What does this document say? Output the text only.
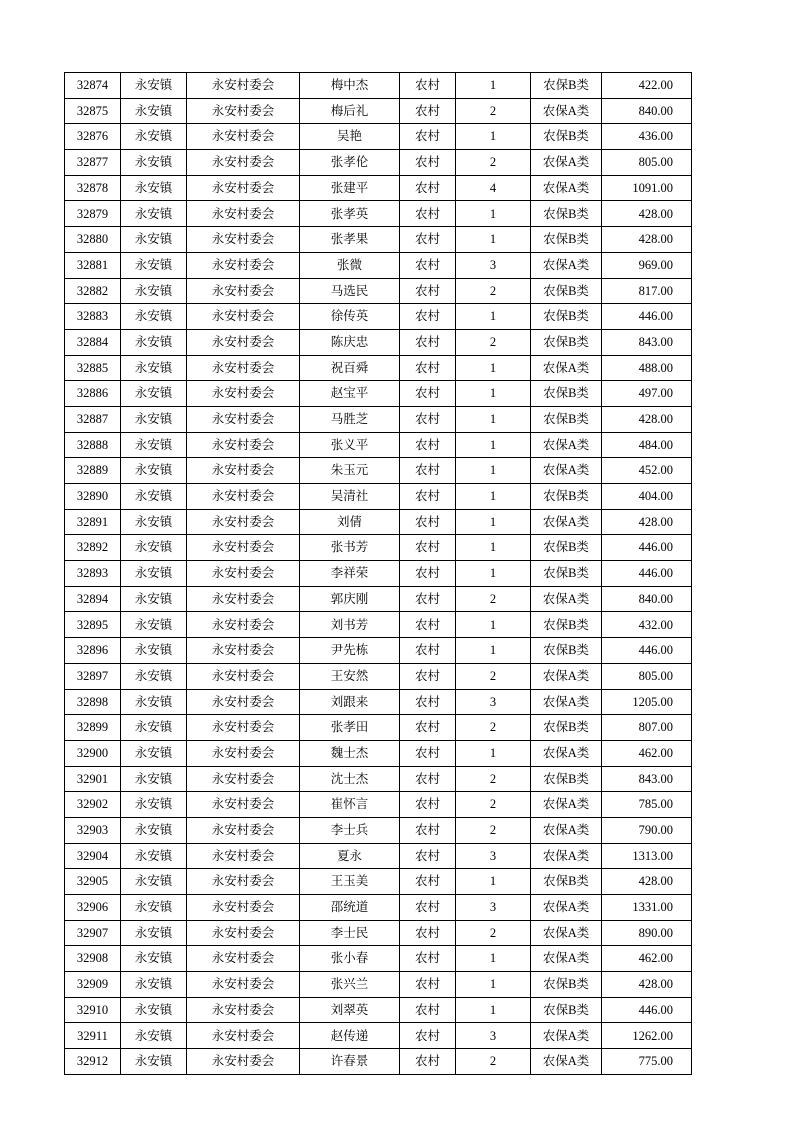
32874	永安镇	永安村委会	梅中杰	农村	1	农保B类	422.00
32875	永安镇	永安村委会	梅后礼	农村	2	农保A类	840.00
32876	永安镇	永安村委会	吴艳	农村	1	农保B类	436.00
32877	永安镇	永安村委会	张孝伦	农村	2	农保A类	805.00
32878	永安镇	永安村委会	张建平	农村	4	农保A类	1091.00
32879	永安镇	永安村委会	张孝英	农村	1	农保B类	428.00
32880	永安镇	永安村委会	张孝果	农村	1	农保B类	428.00
32881	永安镇	永安村委会	张微	农村	3	农保A类	969.00
32882	永安镇	永安村委会	马选民	农村	2	农保B类	817.00
32883	永安镇	永安村委会	徐传英	农村	1	农保B类	446.00
32884	永安镇	永安村委会	陈庆忠	农村	2	农保B类	843.00
32885	永安镇	永安村委会	祝百舜	农村	1	农保A类	488.00
32886	永安镇	永安村委会	赵宝平	农村	1	农保B类	497.00
32887	永安镇	永安村委会	马胜芝	农村	1	农保B类	428.00
32888	永安镇	永安村委会	张义平	农村	1	农保A类	484.00
32889	永安镇	永安村委会	朱玉元	农村	1	农保A类	452.00
32890	永安镇	永安村委会	吴清社	农村	1	农保B类	404.00
32891	永安镇	永安村委会	刘倩	农村	1	农保A类	428.00
32892	永安镇	永安村委会	张书芳	农村	1	农保B类	446.00
32893	永安镇	永安村委会	李祥荣	农村	1	农保B类	446.00
32894	永安镇	永安村委会	郭庆刚	农村	2	农保A类	840.00
32895	永安镇	永安村委会	刘书芳	农村	1	农保B类	432.00
32896	永安镇	永安村委会	尹先栋	农村	1	农保B类	446.00
32897	永安镇	永安村委会	王安然	农村	2	农保A类	805.00
32898	永安镇	永安村委会	刘跟来	农村	3	农保A类	1205.00
32899	永安镇	永安村委会	张孝田	农村	2	农保B类	807.00
32900	永安镇	永安村委会	魏士杰	农村	1	农保A类	462.00
32901	永安镇	永安村委会	沈士杰	农村	2	农保B类	843.00
32902	永安镇	永安村委会	崔怀言	农村	2	农保A类	785.00
32903	永安镇	永安村委会	李士兵	农村	2	农保A类	790.00
32904	永安镇	永安村委会	夏永	农村	3	农保A类	1313.00
32905	永安镇	永安村委会	王玉美	农村	1	农保B类	428.00
32906	永安镇	永安村委会	邵统道	农村	3	农保A类	1331.00
32907	永安镇	永安村委会	李士民	农村	2	农保A类	890.00
32908	永安镇	永安村委会	张小春	农村	1	农保A类	462.00
32909	永安镇	永安村委会	张兴兰	农村	1	农保B类	428.00
32910	永安镇	永安村委会	刘翠英	农村	1	农保B类	446.00
32911	永安镇	永安村委会	赵传递	农村	3	农保A类	1262.00
32912	永安镇	永安村委会	许春景	农村	2	农保A类	775.00
